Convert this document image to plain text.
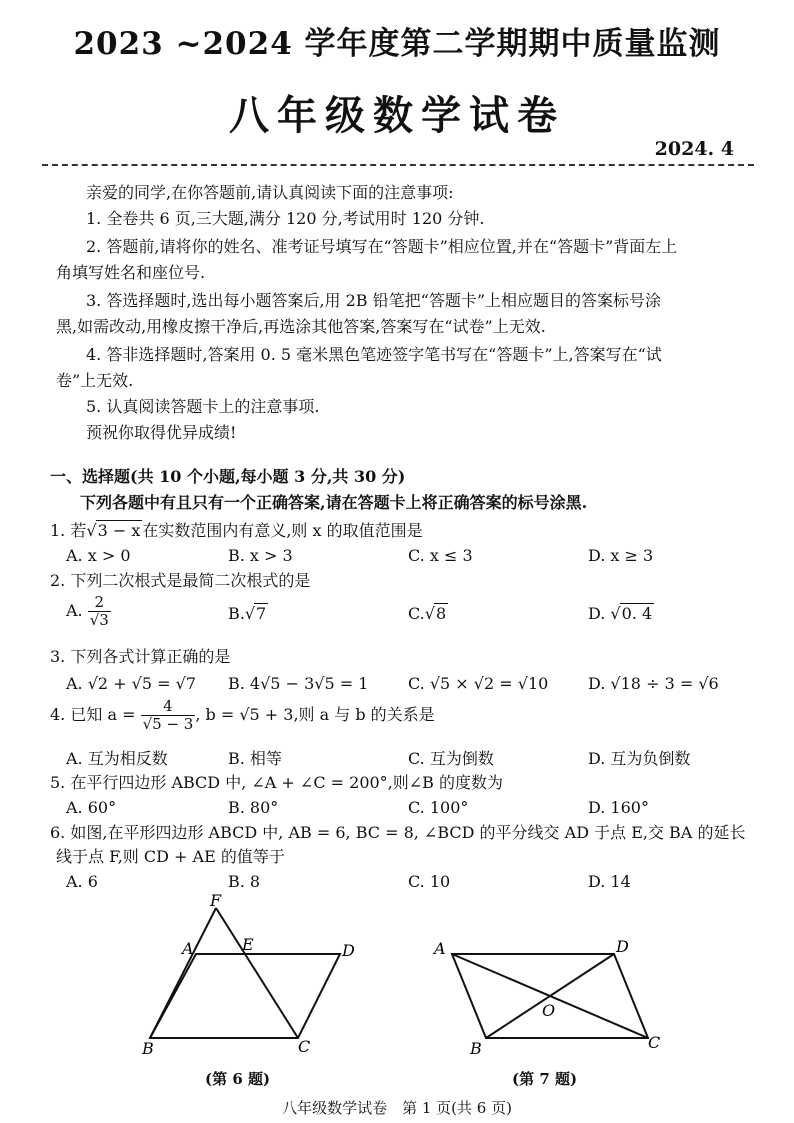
2023 ~2024 学年度第二学期期中质量监测
八年级数学试卷
2024. 4
亲爱的同学,在你答题前,请认真阅读下面的注意事项:
1. 全卷共 6 页,三大题,满分 120 分,考试用时 120 分钟.
2. 答题前,请将你的姓名、准考证号填写在“答题卡”相应位置,并在“答题卡”背面左上
角填写姓名和座位号.
3. 答选择题时,选出每小题答案后,用 2B 铅笔把“答题卡”上相应题目的答案标号涂
黑,如需改动,用橡皮擦干净后,再选涂其他答案,答案写在“试卷”上无效.
4. 答非选择题时,答案用 0. 5 毫米黑色笔迹签字笔书写在“答题卡”上,答案写在“试
卷”上无效.
5. 认真阅读答题卡上的注意事项.
预祝你取得优异成绩!
一、选择题(共 10 个小题,每小题 3 分,共 30 分)
下列各题中有且只有一个正确答案,请在答题卡上将正确答案的标号涂黑.
1. 若√3 − x 在实数范围内有意义,则 x 的取值范围是
A. x > 0	B. x > 3	C. x ≤ 3	D. x ≥ 3
2. 下列二次根式是最简二次根式的是
A. $\frac{2}{√3}$	B.√7	C.√8	D. √0. 4
3. 下列各式计算正确的是
A. √2 + √5 = √7 B. 4√5 − 3√5 = 1 C. √5 × √2 = √10 D. √18 ÷ 3 = √6
4. 已知 $a = \frac{4}{√5 - 3}$ , b = √5 + 3,则 a 与 b 的关系是
A. 互为相反数	B. 相等	C. 互为倒数	D. 互为负倒数
5. 在平行四边形 ABCD 中, ∠A + ∠C = 200°,则∠B 的度数为
A. 60°	B. 80°	C. 100°	D. 160°
6. 如图,在平形四边形 ABCD 中, AB = 6, BC = 8, ∠BCD 的平分线交 AD 于点 E,交 BA 的延长
线于点 F,则 CD + AE 的值等于
A. 6	B. 8	C. 10	D. 14
F
A	E	D
B	C
(第 6 题)
A	D
O
B	C
(第 7 题)
八年级数学试卷　第 1 页(共 6 页)
